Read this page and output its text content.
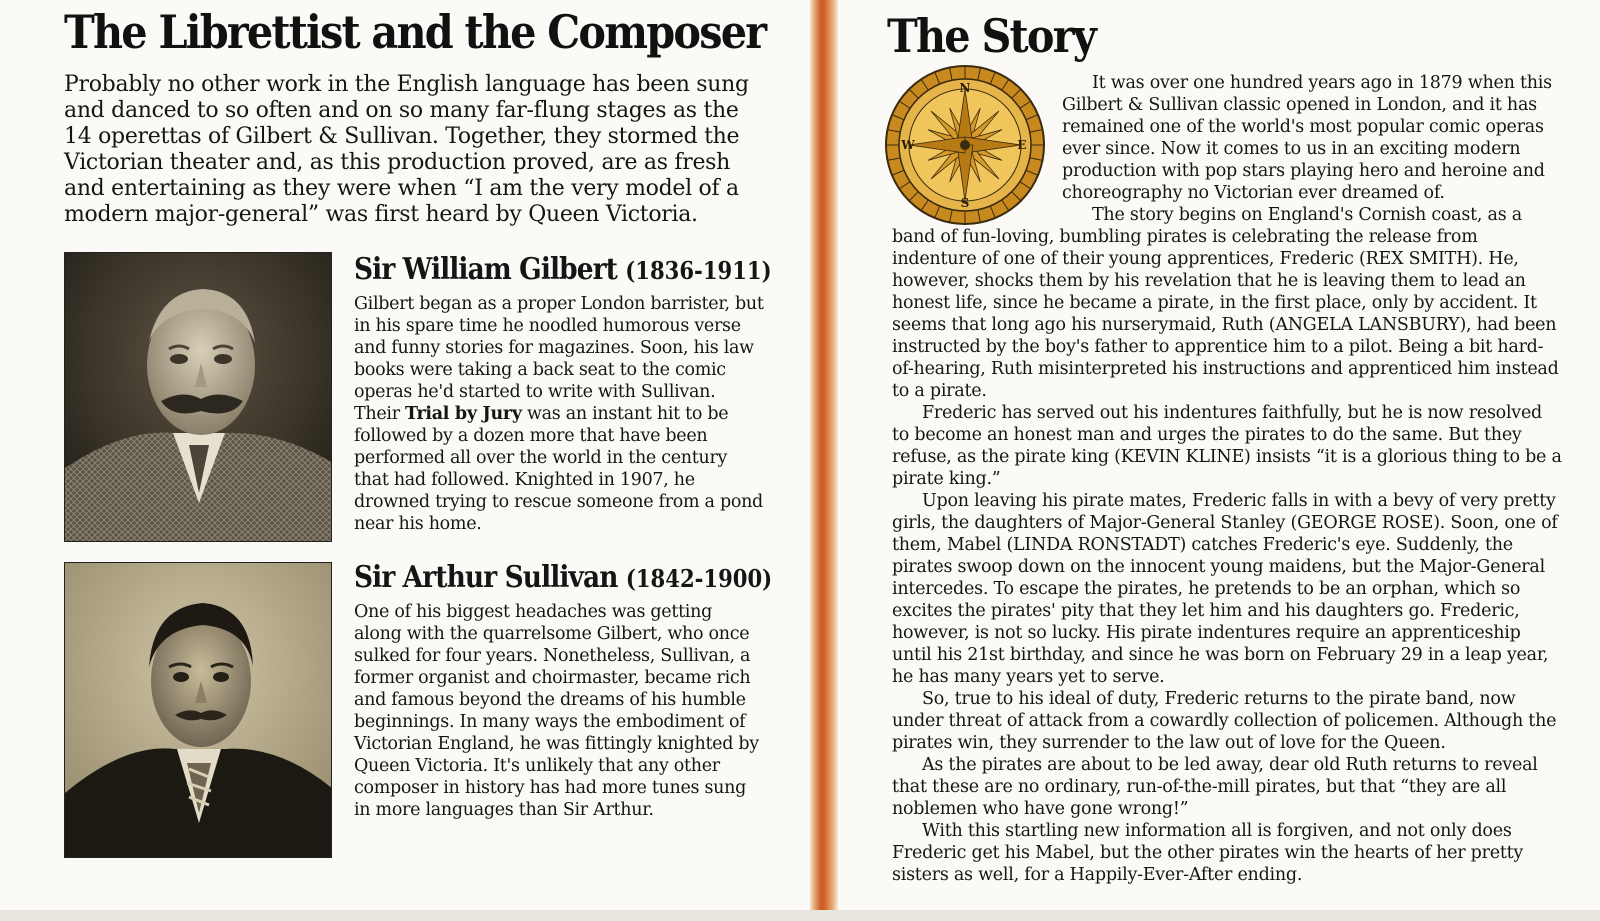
The Librettist and the Composer

Probably no other work in the English language has been sung and danced to so often and on so many far-flung stages as the 14 operettas of Gilbert & Sullivan. Together, they stormed the Victorian theater and, as this production proved, are as fresh and entertaining as they were when “I am the very model of a modern major-general” was first heard by Queen Victoria.

Sir William Gilbert (1836-1911)

Gilbert began as a proper London barrister, but in his spare time he noodled humorous verse and funny stories for magazines. Soon, his law books were taking a back seat to the comic operas he'd started to write with Sullivan. Their Trial by Jury was an instant hit to be followed by a dozen more that have been performed all over the world in the century that had followed. Knighted in 1907, he drowned trying to rescue someone from a pond near his home.

Sir Arthur Sullivan (1842-1900)

One of his biggest headaches was getting along with the quarrelsome Gilbert, who once sulked for four years. Nonetheless, Sullivan, a former organist and choirmaster, became rich and famous beyond the dreams of his humble beginnings. In many ways the embodiment of Victorian England, he was fittingly knighted by Queen Victoria. It's unlikely that any other composer in history has had more tunes sung in more languages than Sir Arthur.

The Story
N
S
E
W

It was over one hundred years ago in 1879 when this Gilbert & Sullivan classic opened in London, and it has remained one of the world's most popular comic operas ever since. Now it comes to us in an exciting modern production with pop stars playing hero and heroine and choreography no Victorian ever dreamed of.

The story begins on England's Cornish coast, as a band of fun-loving, bumbling pirates is celebrating the release from indenture of one of their young apprentices, Frederic (REX SMITH). He, however, shocks them by his revelation that he is leaving them to lead an honest life, since he became a pirate, in the first place, only by accident. It seems that long ago his nurserymaid, Ruth (ANGELA LANSBURY), had been instructed by the boy's father to apprentice him to a pilot. Being a bit hard-of-hearing, Ruth misinterpreted his instructions and apprenticed him instead to a pirate.

Frederic has served out his indentures faithfully, but he is now resolved to become an honest man and urges the pirates to do the same. But they refuse, as the pirate king (KEVIN KLINE) insists “it is a glorious thing to be a pirate king.”

Upon leaving his pirate mates, Frederic falls in with a bevy of very pretty girls, the daughters of Major-General Stanley (GEORGE ROSE). Soon, one of them, Mabel (LINDA RONSTADT) catches Frederic's eye. Suddenly, the pirates swoop down on the innocent young maidens, but the Major-General intercedes. To escape the pirates, he pretends to be an orphan, which so excites the pirates' pity that they let him and his daughters go. Frederic, however, is not so lucky. His pirate indentures require an apprenticeship until his 21st birthday, and since he was born on February 29 in a leap year, he has many years yet to serve.

So, true to his ideal of duty, Frederic returns to the pirate band, now under threat of attack from a cowardly collection of policemen. Although the pirates win, they surrender to the law out of love for the Queen.

As the pirates are about to be led away, dear old Ruth returns to reveal that these are no ordinary, run-of-the-mill pirates, but that “they are all noblemen who have gone wrong!”

With this startling new information all is forgiven, and not only does Frederic get his Mabel, but the other pirates win the hearts of her pretty sisters as well, for a Happily-Ever-After ending.
